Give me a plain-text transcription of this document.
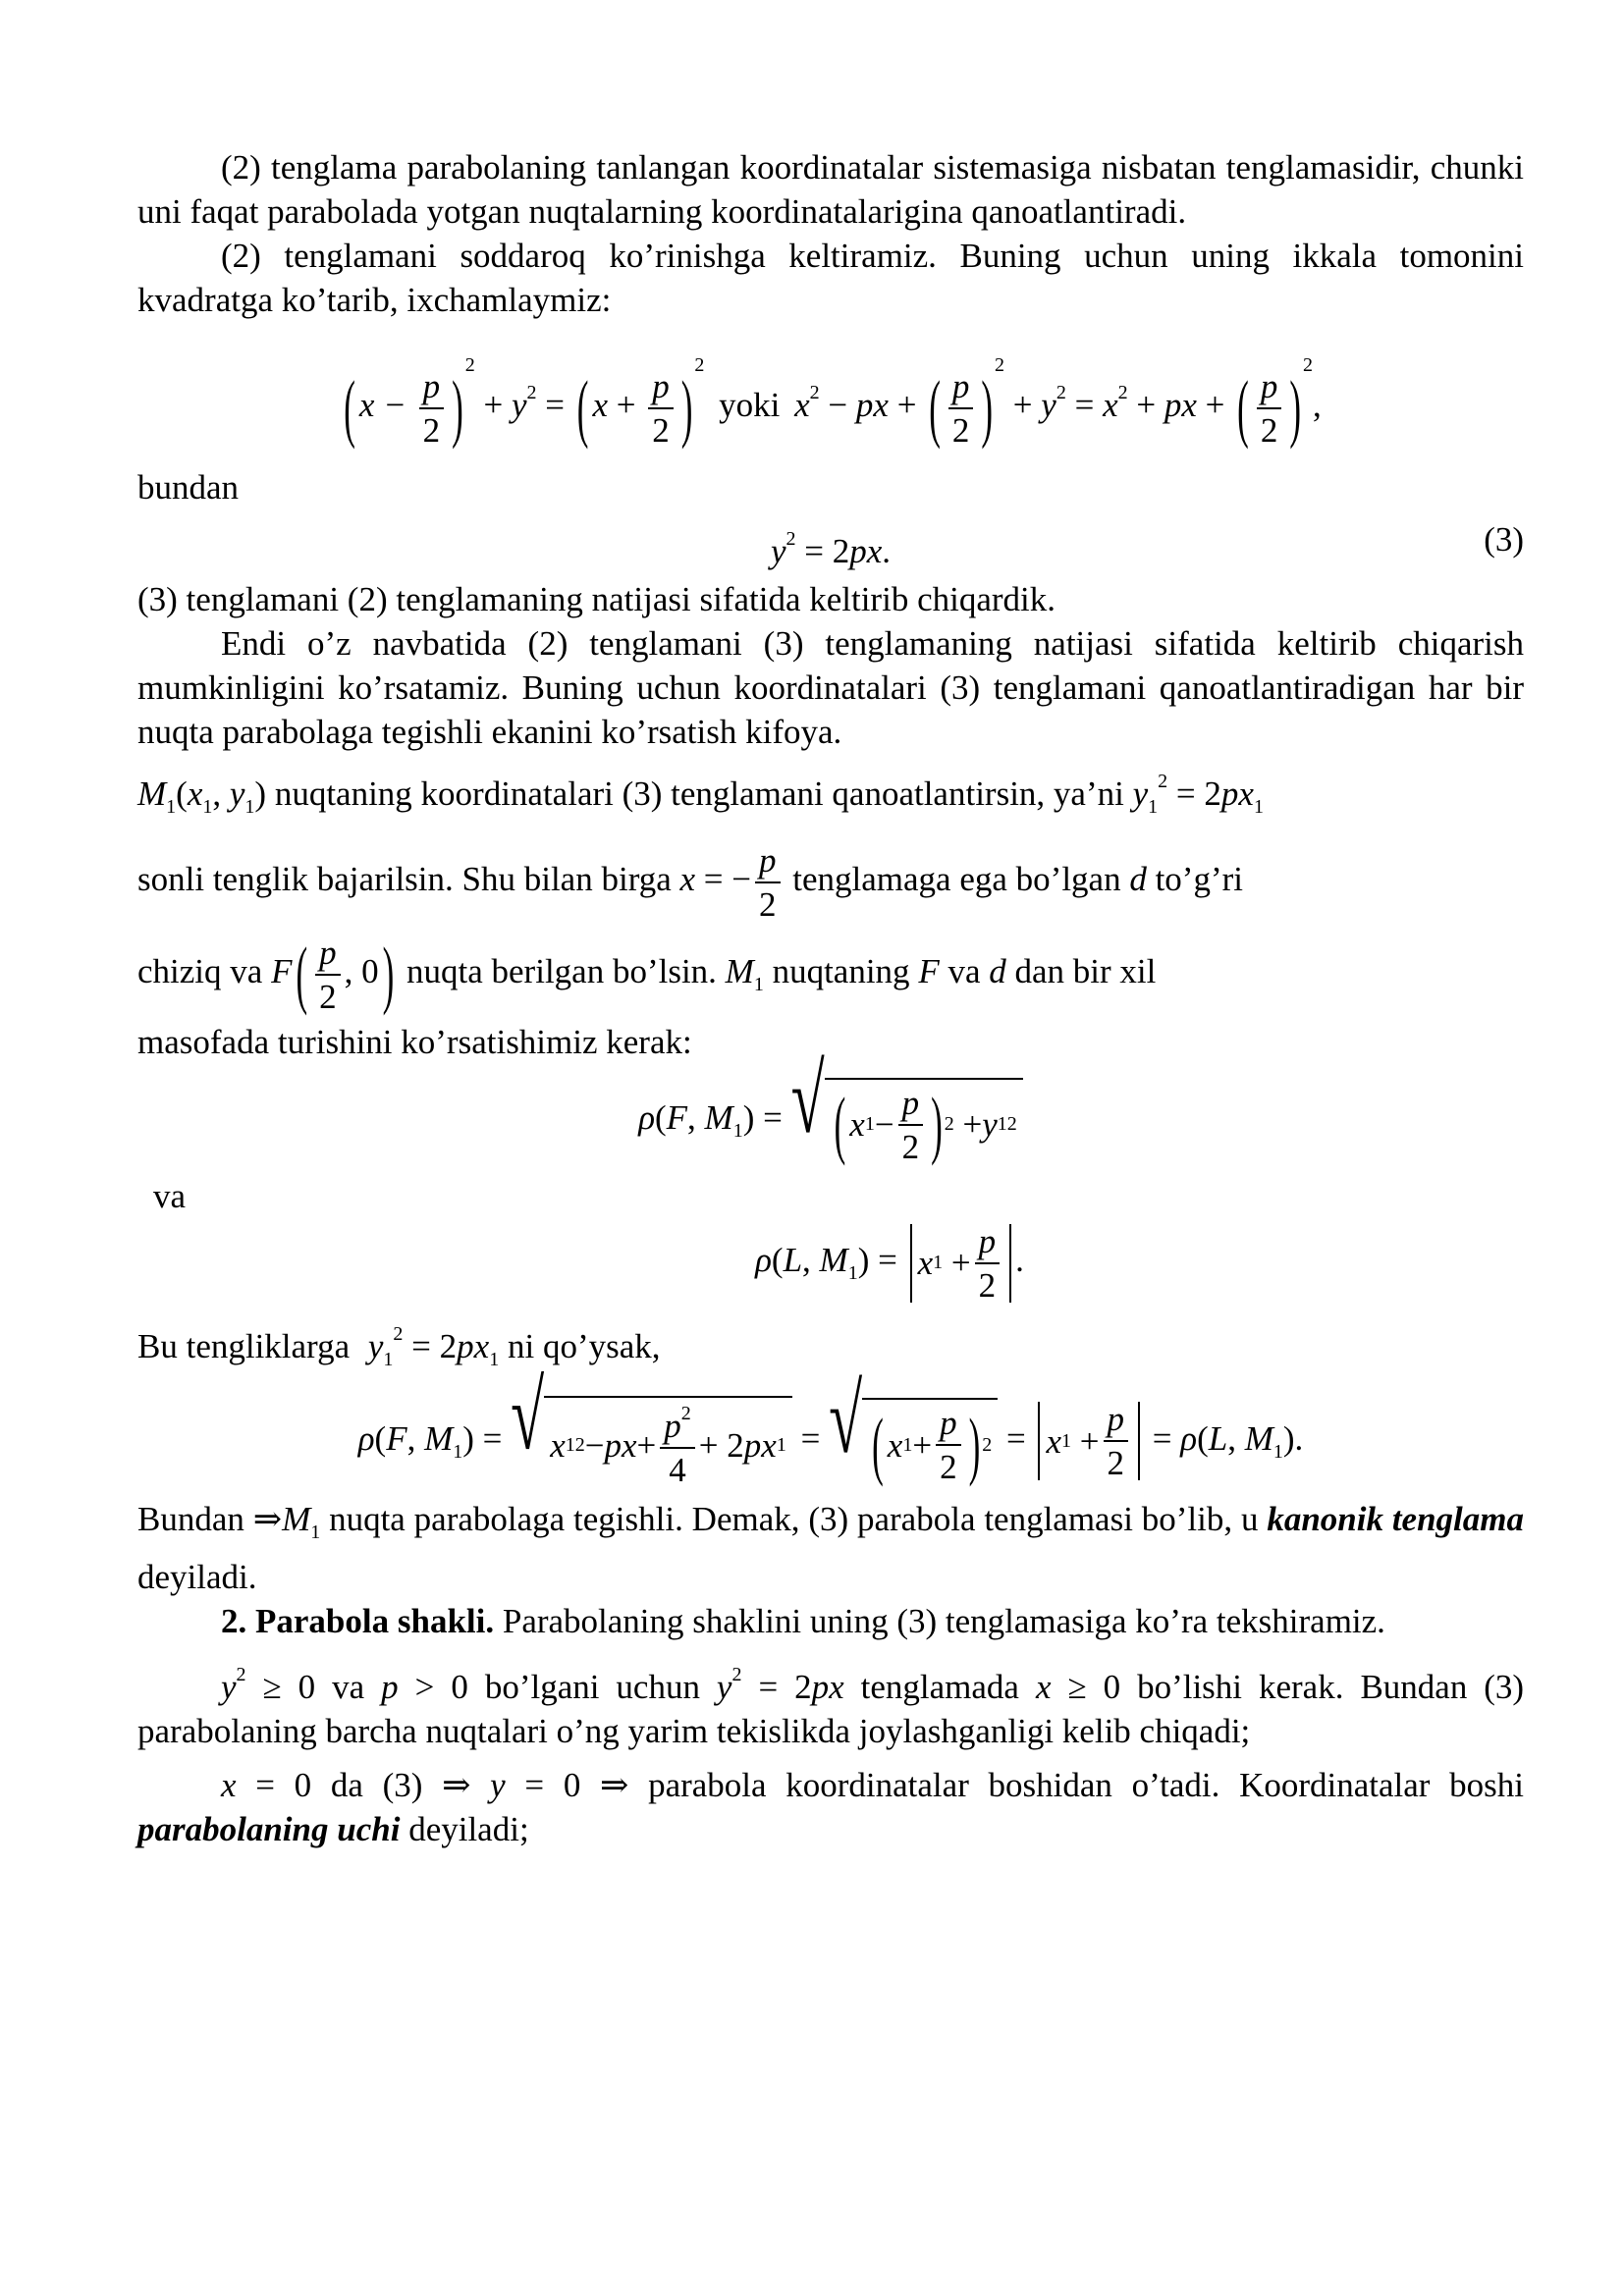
(2) tenglama parabolaning tanlangan koordinatalar sistemasiga nisbatan tenglamasidir, chunki uni faqat parabolada yotgan nuqtalarning koordinatalarigina qanoatlantiradi.

(2) tenglamani soddaroq ko’rinishga keltiramiz. Buning uchun uning ikkala tomonini kvadratga ko’tarib, ixchamlaymiz:

( $x - \frac{p}{2} )^2 + y^2$ = ( $x + \frac{p}{2} )^2$ yoki $x^2$ − px + ( $\frac{p}{2} )^2 + y^2 = x^2$ + px + ( $\frac{p}{2} )^2$,

bundan

$y^2 = 2px$.	(3)

(3) tenglamani (2) tenglamaning natijasi sifatida keltirib chiqardik.

Endi o’z navbatida (2) tenglamani (3) tenglamaning natijasi sifatida keltirib chiqarish mumkinligini ko’rsatamiz. Buning uchun koordinatalari (3) tenglamani qanoatlantiradigan har bir nuqta parabolaga tegishli ekanini ko’rsatish kifoya.

$M_1(x_1$, $y_1$) nuqtaning koordinatalari (3) tenglamani qanoatlantirsin, ya’ni $y_1^2 = 2px_1$

sonli tenglik bajarilsin. Shu bilan birga x = − $\frac{p}{2}$ tenglamaga ega bo’lgan d to’g’ri

chiziq va F ( $\frac{p}{2}$ , 0 ) nuqta berilgan bo’lsin. $M_1$ nuqtaning F va d dan bir xil

masofada turishini ko’rsatishimiz kerak:

ρ(F, $M_1$) = √ ( x $1 - \frac{p}{2}$ ) 2 + y 1 2

va

ρ(L, $M_1) = x$ $1 + \frac{p}{2}$ .

Bu tengliklarga $y_1^2 = 2px_1$ ni qo’ysak,

ρ(F, $M_1$) = √ x 1 2 − px + $\frac{p^2}{4} + 2$ px 1 = √ ( x $1 + \frac{p}{2}$ ) 2 = x $1 + \frac{p}{2} = \rho(L$, $M_1$).

Bundan $\Rightarrow M_1$ nuqta parabolaga tegishli. Demak, (3) parabola tenglamasi bo’lib, u kanonik tenglama deyiladi.

2. Parabola shakli. Parabolaning shaklini uning (3) tenglamasiga ko’ra tekshiramiz.

$y^2 \ge 0$ va p > 0 bo’lgani uchun $y^2 = 2px$ tenglamada x ≥ 0 bo’lishi kerak. Bundan (3) parabolaning barcha nuqtalari o’ng yarim tekislikda joylashganligi kelib chiqadi;

x = 0 da (3) ⇒ y = 0 ⇒ parabola koordinatalar boshidan o’tadi. Koordinatalar boshi parabolaning uchi deyiladi;
